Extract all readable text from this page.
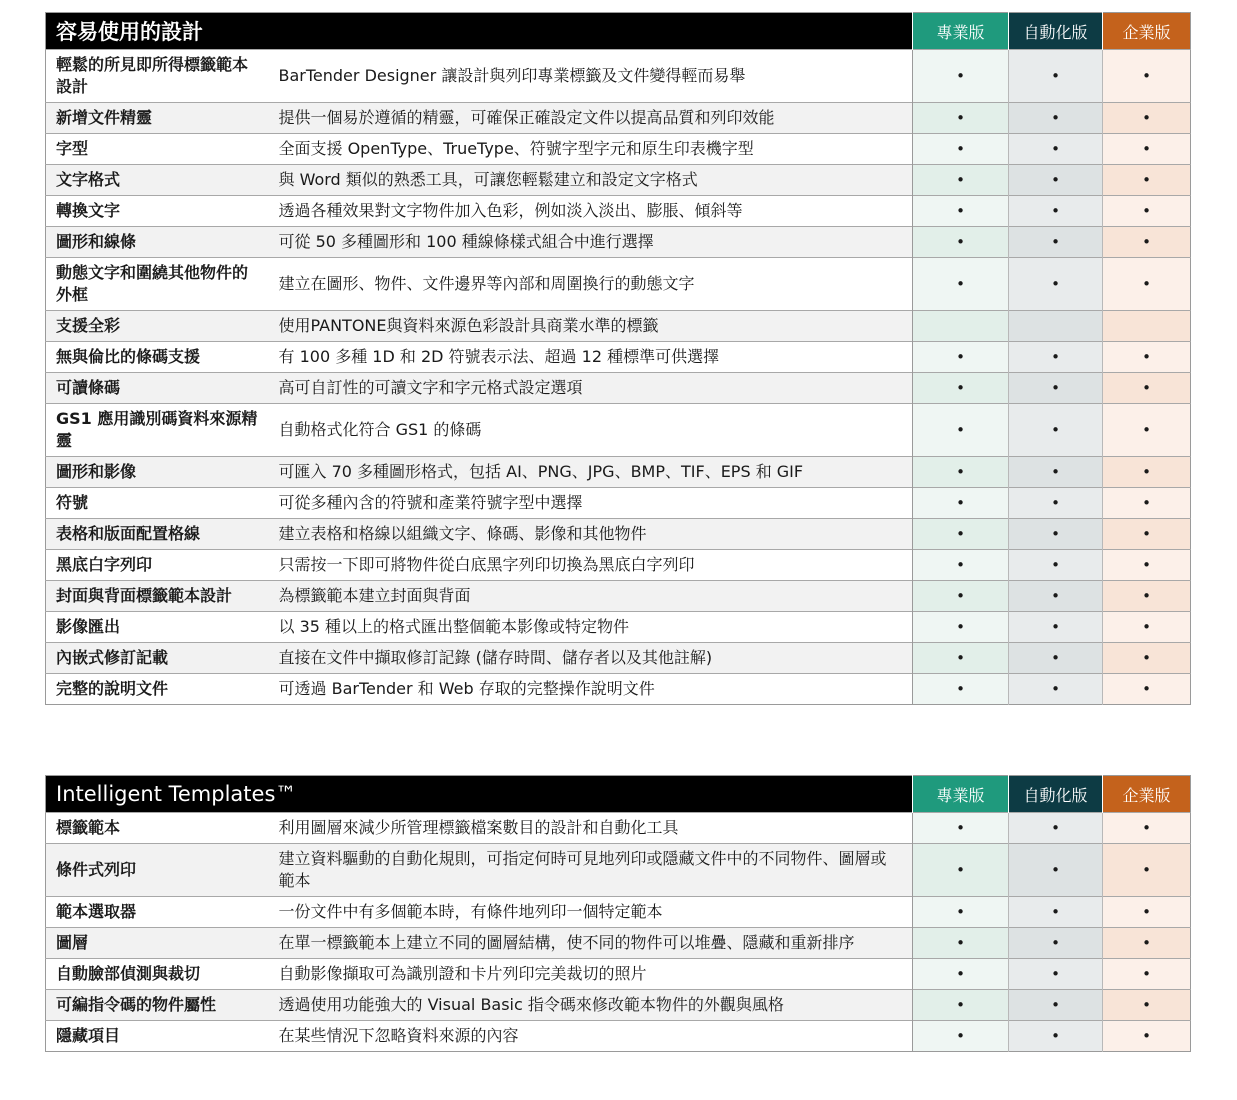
容易使用的設計		專業版	自動化版	企業版
輕鬆的所見即所得標籤範本設計	BarTender Designer 讓設計與列印專業標籤及文件變得輕而易舉	•	•	•
新增文件精靈	提供一個易於遵循的精靈，可確保正確設定文件以提高品質和列印效能	•	•	•
字型	全面支援 OpenType、TrueType、符號字型字元和原生印表機字型	•	•	•
文字格式	與 Word 類似的熟悉工具，可讓您輕鬆建立和設定文字格式	•	•	•
轉換文字	透過各種效果對文字物件加入色彩，例如淡入淡出、膨脹、傾斜等	•	•	•
圖形和線條	可從 50 多種圖形和 100 種線條樣式組合中進行選擇	•	•	•
動態文字和圍繞其他物件的外框	建立在圖形、物件、文件邊界等內部和周圍換行的動態文字	•	•	•
支援全彩	使用PANTONE與資料來源色彩設計具商業水準的標籤			
無與倫比的條碼支援	有 100 多種 1D 和 2D 符號表示法、超過 12 種標準可供選擇	•	•	•
可讀條碼	高可自訂性的可讀文字和字元格式設定選項	•	•	•
GS1 應用識別碼資料來源精靈	自動格式化符合 GS1 的條碼	•	•	•
圖形和影像	可匯入 70 多種圖形格式，包括 AI、PNG、JPG、BMP、TIF、EPS 和 GIF	•	•	•
符號	可從多種內含的符號和產業符號字型中選擇	•	•	•
表格和版面配置格線	建立表格和格線以組織文字、條碼、影像和其他物件	•	•	•
黑底白字列印	只需按一下即可將物件從白底黑字列印切換為黑底白字列印	•	•	•
封面與背面標籤範本設計	為標籤範本建立封面與背面	•	•	•
影像匯出	以 35 種以上的格式匯出整個範本影像或特定物件	•	•	•
內嵌式修訂記載	直接在文件中擷取修訂記錄 (儲存時間、儲存者以及其他註解)	•	•	•
完整的說明文件	可透過 BarTender 和 Web 存取的完整操作說明文件	•	•	•
Intelligent Templates™		專業版	自動化版	企業版
標籤範本	利用圖層來減少所管理標籤檔案數目的設計和自動化工具	•	•	•
條件式列印	建立資料驅動的自動化規則，可指定何時可見地列印或隱藏文件中的不同物件、圖層或範本	•	•	•
範本選取器	一份文件中有多個範本時，有條件地列印一個特定範本	•	•	•
圖層	在單一標籤範本上建立不同的圖層結構，使不同的物件可以堆疊、隱藏和重新排序	•	•	•
自動臉部偵測與裁切	自動影像擷取可為識別證和卡片列印完美裁切的照片	•	•	•
可編指令碼的物件屬性	透過使用功能強大的 Visual Basic 指令碼來修改範本物件的外觀與風格	•	•	•
隱藏項目	在某些情況下忽略資料來源的內容	•	•	•
